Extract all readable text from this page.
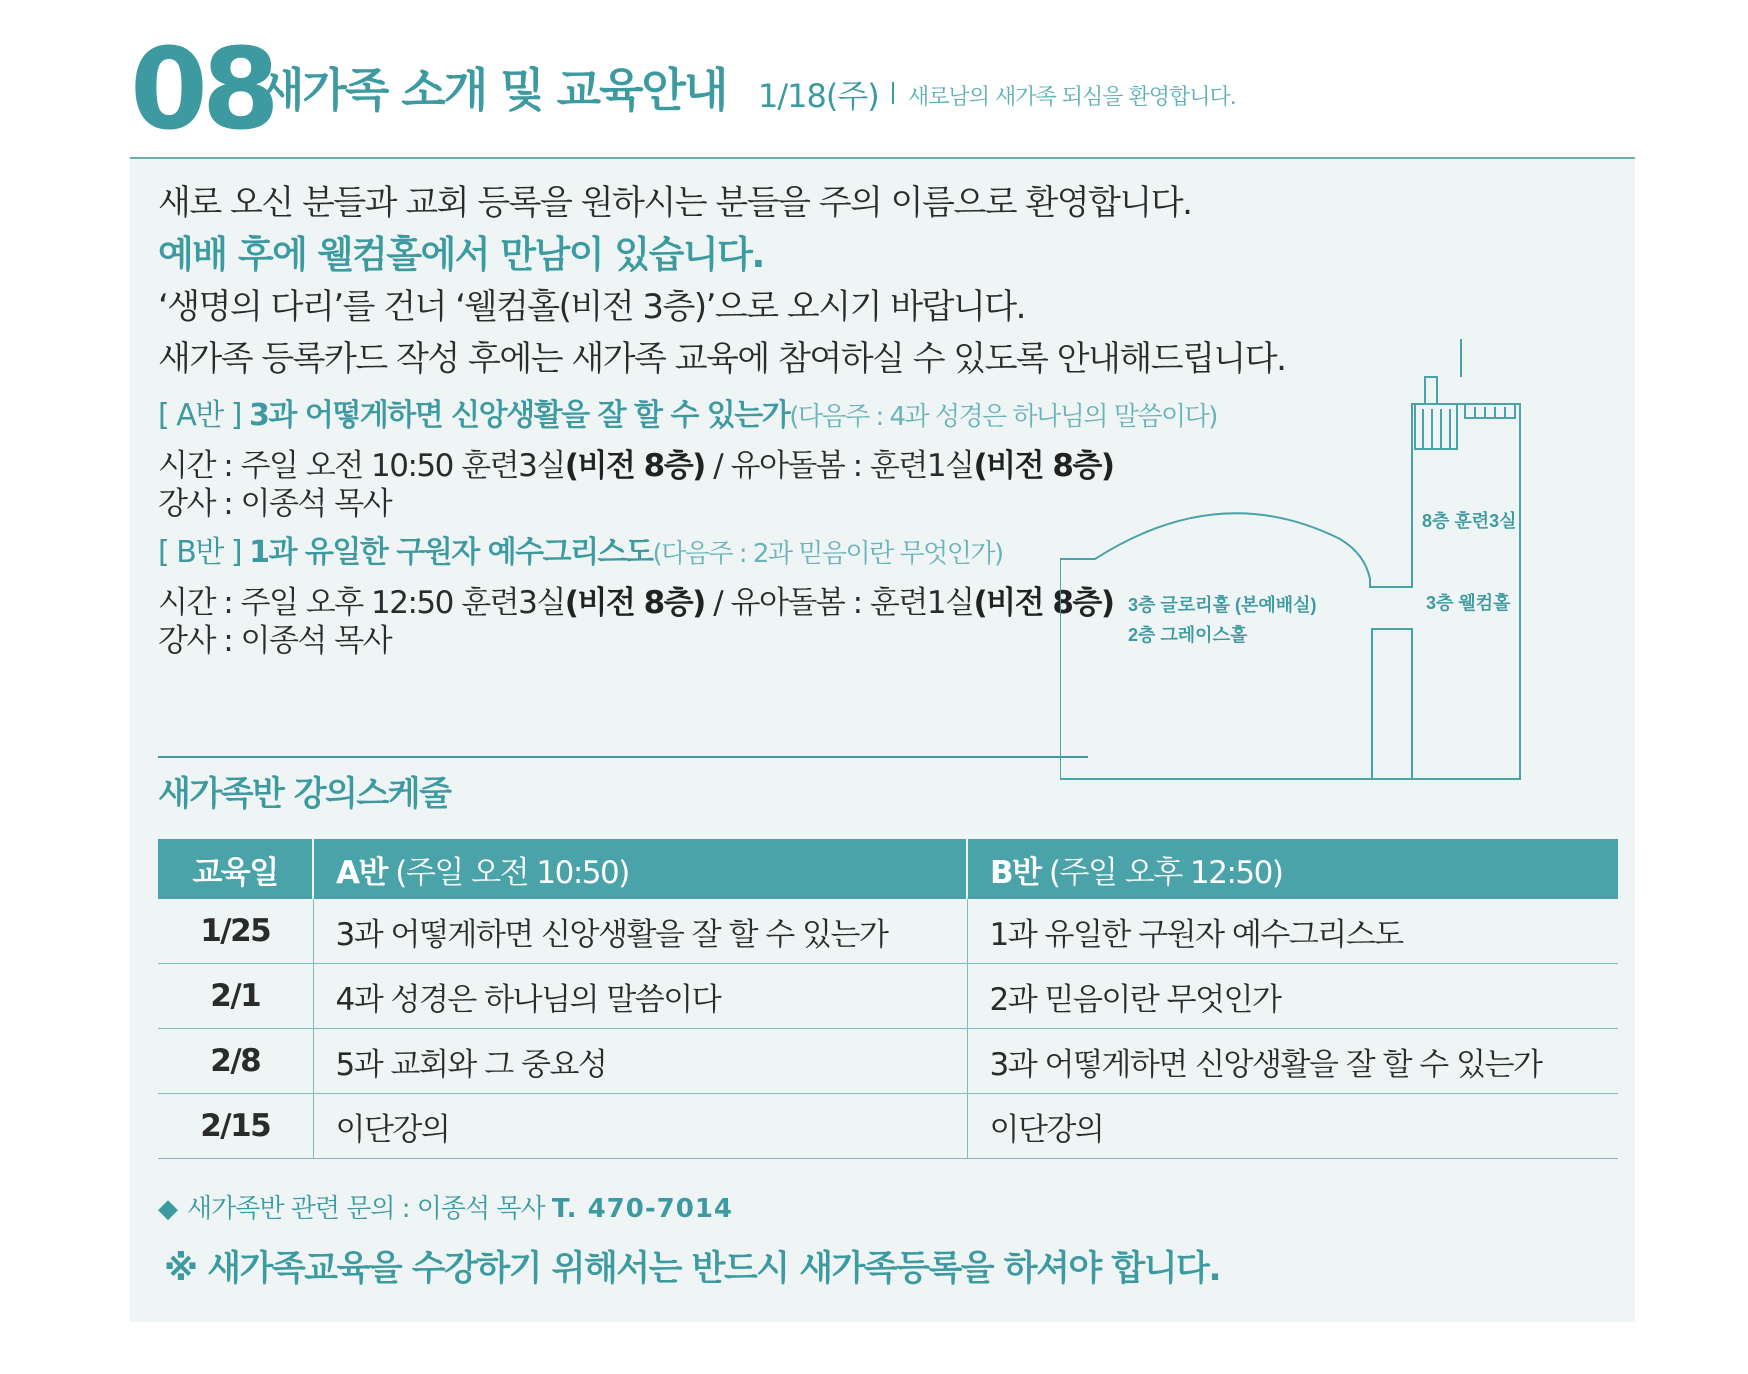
08
새가족 소개 및 교육안내 1/18(주) 새로남의 새가족 되심을 환영합니다.
새로 오신 분들과 교회 등록을 원하시는 분들을 주의 이름으로 환영합니다.
예배 후에 웰컴홀에서 만남이 있습니다.
‘생명의 다리’를 건너 ‘웰컴홀(비전 3층)’으로 오시기 바랍니다.
새가족 등록카드 작성 후에는 새가족 교육에 참여하실 수 있도록 안내해드립니다.
[ A반 ] 3과 어떻게하면 신앙생활을 잘 할 수 있는가(다음주 : 4과 성경은 하나님의 말씀이다)
시간 : 주일 오전 10:50 훈련3실(비전 8층) / 유아돌봄 : 훈련1실(비전 8층)
강사 : 이종석 목사
[ B반 ] 1과 유일한 구원자 예수그리스도(다음주 : 2과 믿음이란 무엇인가)
시간 : 주일 오후 12:50 훈련3실(비전 8층) / 유아돌봄 : 훈련1실(비전 8층)
강사 : 이종석 목사
8층 훈련3실
3층 웰컴홀
3층 글로리홀 (본예배실)
2층 그레이스홀
새가족반 강의스케줄
교육일	A반 (주일 오전 10:50)	B반 (주일 오후 12:50)
1/25	3과 어떻게하면 신앙생활을 잘 할 수 있는가	1과 유일한 구원자 예수그리스도
2/1	4과 성경은 하나님의 말씀이다	2과 믿음이란 무엇인가
2/8	5과 교회와 그 중요성	3과 어떻게하면 신앙생활을 잘 할 수 있는가
2/15	이단강의	이단강의
◆ 새가족반 관련 문의 : 이종석 목사 T. 470-7014
※ 새가족교육을 수강하기 위해서는 반드시 새가족등록을 하셔야 합니다.
